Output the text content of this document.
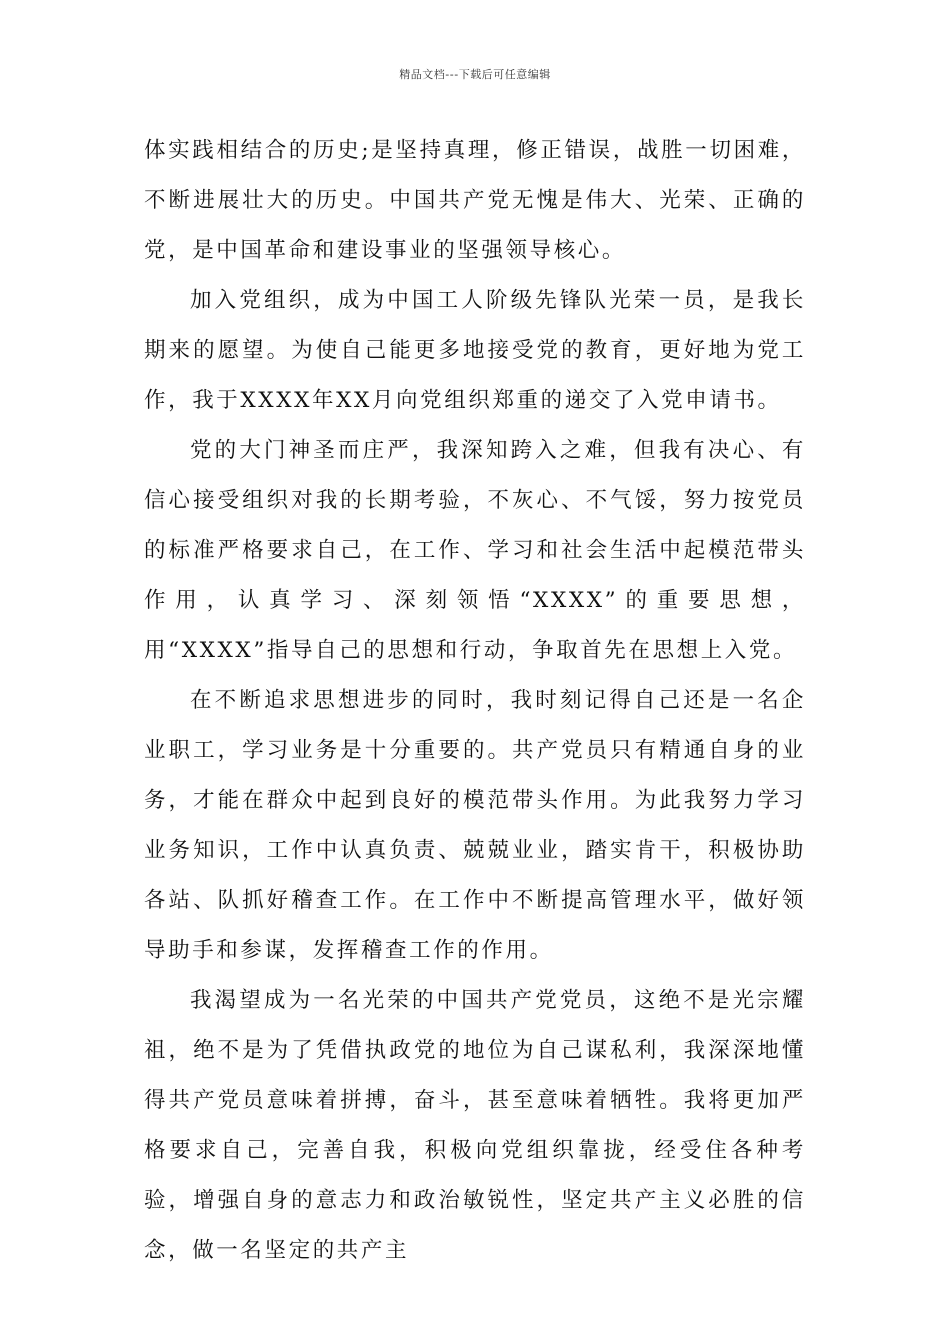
精品文档---下载后可任意编辑

体实践相结合的历史;是坚持真理，修正错误，战胜一切困难，不断进展壮大的历史。中国共产党无愧是伟大、光荣、正确的党，是中国革命和建设事业的坚强领导核心。

加入党组织，成为中国工人阶级先锋队光荣一员，是我长期来的愿望。为使自己能更多地接受党的教育，更好地为党工作，我于XXXX年XX月向党组织郑重的递交了入党申请书。

党的大门神圣而庄严，我深知跨入之难，但我有决心、有信心接受组织对我的长期考验，不灰心、不气馁，努力按党员的标准严格要求自己，在工作、学习和社会生活中起模范带头作用，认真学习、深刻领悟“XXXX”的重要思想，用“XXXX”指导自己的思想和行动，争取首先在思想上入党。

在不断追求思想进步的同时，我时刻记得自己还是一名企业职工，学习业务是十分重要的。共产党员只有精通自身的业务，才能在群众中起到良好的模范带头作用。为此我努力学习业务知识，工作中认真负责、兢兢业业，踏实肯干，积极协助各站、队抓好稽查工作。在工作中不断提高管理水平，做好领导助手和参谋，发挥稽查工作的作用。

我渴望成为一名光荣的中国共产党党员，这绝不是光宗耀祖，绝不是为了凭借执政党的地位为自己谋私利，我深深地懂得共产党员意味着拼搏，奋斗，甚至意味着牺牲。我将更加严格要求自己，完善自我，积极向党组织靠拢，经受住各种考验，增强自身的意志力和政治敏锐性，坚定共产主义必胜的信念，做一名坚定的共产主
